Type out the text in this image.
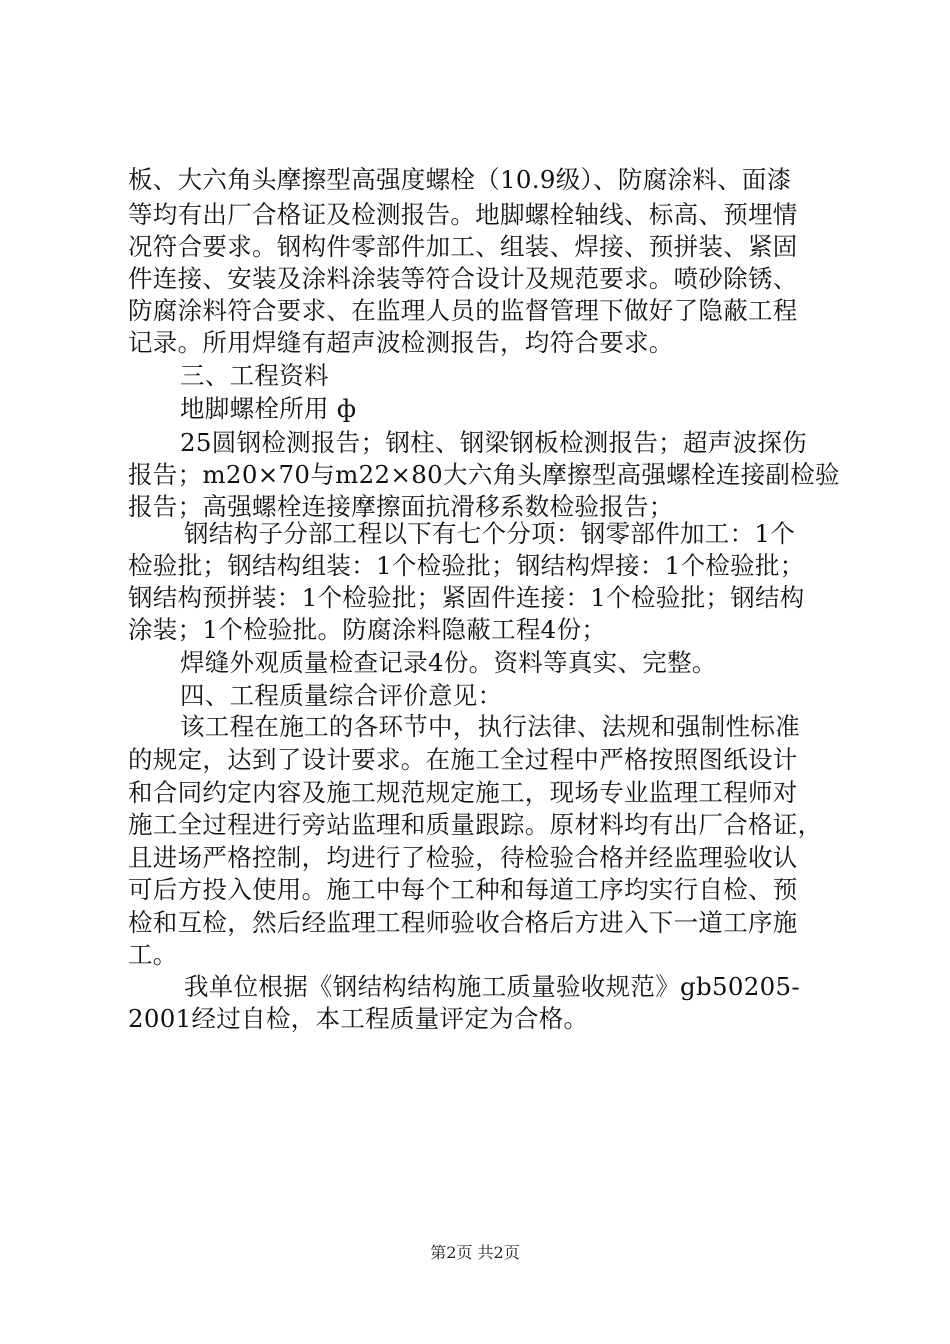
板、大六角头摩擦型高强度螺栓（10.9级）、防腐涂料、面漆
等均有出厂合格证及检测报告。地脚螺栓轴线、标高、预埋情
况符合要求。钢构件零部件加工、组装、焊接、预拼装、紧固
件连接、安装及涂料涂装等符合设计及规范要求。喷砂除锈、
防腐涂料符合要求、在监理人员的监督管理下做好了隐蔽工程
记录。所用焊缝有超声波检测报告，均符合要求。
三、工程资料
地脚螺栓所用 ф
25圆钢检测报告；钢柱、钢梁钢板检测报告；超声波探伤
报告；m20×70与m22×80大六角头摩擦型高强螺栓连接副检验
报告；高强螺栓连接摩擦面抗滑移系数检验报告；
钢结构子分部工程以下有七个分项：钢零部件加工：1个
检验批；钢结构组装：1个检验批；钢结构焊接：1个检验批；
钢结构预拼装：1个检验批；紧固件连接：1个检验批；钢结构
涂装；1个检验批。防腐涂料隐蔽工程4份；
焊缝外观质量检查记录4份。资料等真实、完整。
四、工程质量综合评价意见：
该工程在施工的各环节中，执行法律、法规和强制性标准
的规定，达到了设计要求。在施工全过程中严格按照图纸设计
和合同约定内容及施工规范规定施工，现场专业监理工程师对
施工全过程进行旁站监理和质量跟踪。原材料均有出厂合格证，
且进场严格控制，均进行了检验，待检验合格并经监理验收认
可后方投入使用。施工中每个工种和每道工序均实行自检、预
检和互检，然后经监理工程师验收合格后方进入下一道工序施
工。
我单位根据《钢结构结构施工质量验收规范》gb50205-
2001经过自检，本工程质量评定为合格。
第2页 共2页
